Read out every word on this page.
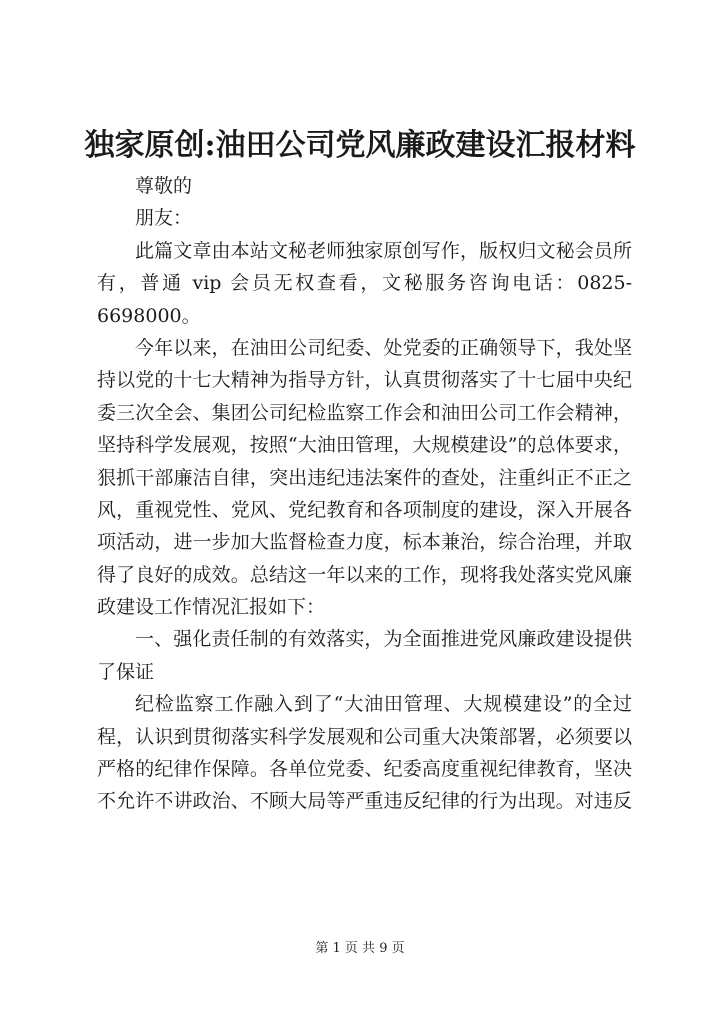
独家原创:油田公司党风廉政建设汇报材料
尊敬的
朋友：
此篇文章由本站文秘老师独家原创写作，版权归文秘会员所
有，普通 vip 会员无权查看，文秘服务咨询电话：0825-
6698000。
今年以来，在油田公司纪委、处党委的正确领导下，我处坚
持以党的十七大精神为指导方针，认真贯彻落实了十七届中央纪
委三次全会、集团公司纪检监察工作会和油田公司工作会精神，
坚持科学发展观，按照“大油田管理，大规模建设”的总体要求，
狠抓干部廉洁自律，突出违纪违法案件的查处，注重纠正不正之
风，重视党性、党风、党纪教育和各项制度的建设，深入开展各
项活动，进一步加大监督检查力度，标本兼治，综合治理，并取
得了良好的成效。总结这一年以来的工作，现将我处落实党风廉
政建设工作情况汇报如下：
一、强化责任制的有效落实，为全面推进党风廉政建设提供
了保证
纪检监察工作融入到了“大油田管理、大规模建设”的全过
程，认识到贯彻落实科学发展观和公司重大决策部署，必须要以
严格的纪律作保障。各单位党委、纪委高度重视纪律教育，坚决
不允许不讲政治、不顾大局等严重违反纪律的行为出现。对违反
第 1 页 共 9 页
